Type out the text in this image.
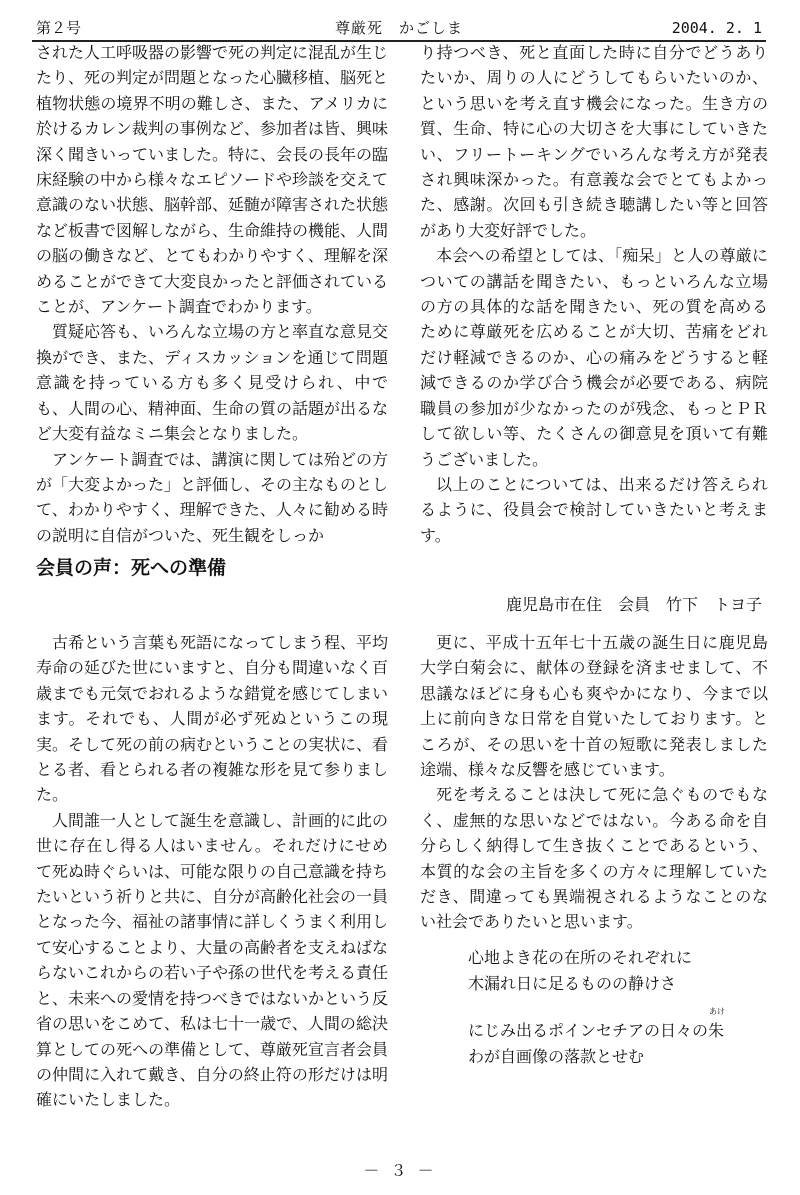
第２号	尊厳死　かごしま	2004. 2. 1

された人工呼吸器の影響で死の判定に混乱が生じたり、死の判定が問題となった心臓移植、脳死と植物状態の境界不明の難しさ、また、アメリカに於けるカレン裁判の事例など、参加者は皆、興味深く聞きいっていました。特に、会長の長年の臨床経験の中から様々なエピソードや珍談を交えて意識のない状態、脳幹部、延髄が障害された状態など板書で図解しながら、生命維持の機能、人間の脳の働きなど、とてもわかりやすく、理解を深めることができて大変良かったと評価されていることが、アンケート調査でわかります。

質疑応答も、いろんな立場の方と率直な意見交換ができ、また、ディスカッションを通じて問題意識を持っている方も多く見受けられ、中でも、人間の心、精神面、生命の質の話題が出るなど大変有益なミニ集会となりました。

アンケート調査では、講演に関しては殆どの方が「大変よかった」と評価し、その主なものとして、わかりやすく、理解できた、人々に勧める時の説明に自信がついた、死生観をしっか

り持つべき、死と直面した時に自分でどうありたいか、周りの人にどうしてもらいたいのか、という思いを考え直す機会になった。生き方の質、生命、特に心の大切さを大事にしていきたい、フリートーキングでいろんな考え方が発表され興味深かった。有意義な会でとてもよかった、感謝。次回も引き続き聴講したい等と回答があり大変好評でした。

本会への希望としては、「痴呆」と人の尊厳についての講話を聞きたい、もっといろんな立場の方の具体的な話を聞きたい、死の質を高めるために尊厳死を広めることが大切、苦痛をどれだけ軽減できるのか、心の痛みをどうすると軽減できるのか学び合う機会が必要である、病院職員の参加が少なかったのが残念、もっとＰＲして欲しい等、たくさんの御意見を頂いて有難うございました。

以上のことについては、出来るだけ答えられるように、役員会で検討していきたいと考えます。

会員の声：死への準備
鹿児島市在住　会員　竹下　トヨ子

古希という言葉も死語になってしまう程、平均寿命の延びた世にいますと、自分も間違いなく百歳までも元気でおれるような錯覚を感じてしまいます。それでも、人間が必ず死ぬというこの現実。そして死の前の病むということの実状に、看とる者、看とられる者の複雑な形を見て参りました。

人間誰一人として誕生を意識し、計画的に此の世に存在し得る人はいません。それだけにせめて死ぬ時ぐらいは、可能な限りの自己意識を持ちたいという祈りと共に、自分が高齢化社会の一員となった今、福祉の諸事情に詳しくうまく利用して安心することより、大量の高齢者を支えねばならないこれからの若い子や孫の世代を考える責任と、未来への愛情を持つべきではないかという反省の思いをこめて、私は七十一歳で、人間の総決算としての死への準備として、尊厳死宣言者会員の仲間に入れて戴き、自分の終止符の形だけは明確にいたしました。

更に、平成十五年七十五歳の誕生日に鹿児島大学白菊会に、献体の登録を済ませまして、不思議なほどに身も心も爽やかになり、今まで以上に前向きな日常を自覚いたしております。ところが、その思いを十首の短歌に発表しました途端、様々な反響を感じています。

死を考えることは決して死に急ぐものでもなく、虚無的な思いなどではない。今ある命を自分らしく納得して生き抜くことであるという、本質的な会の主旨を多くの方々に理解していただき、間違っても異端視されるようなことのない社会でありたいと思います。

心地よき花の在所のそれぞれに
木漏れ日に足るものの静けさ
にじみ出るポインセチアの日々の
あけ
朱
わが自画像の落款とせむ
－ ３ －
